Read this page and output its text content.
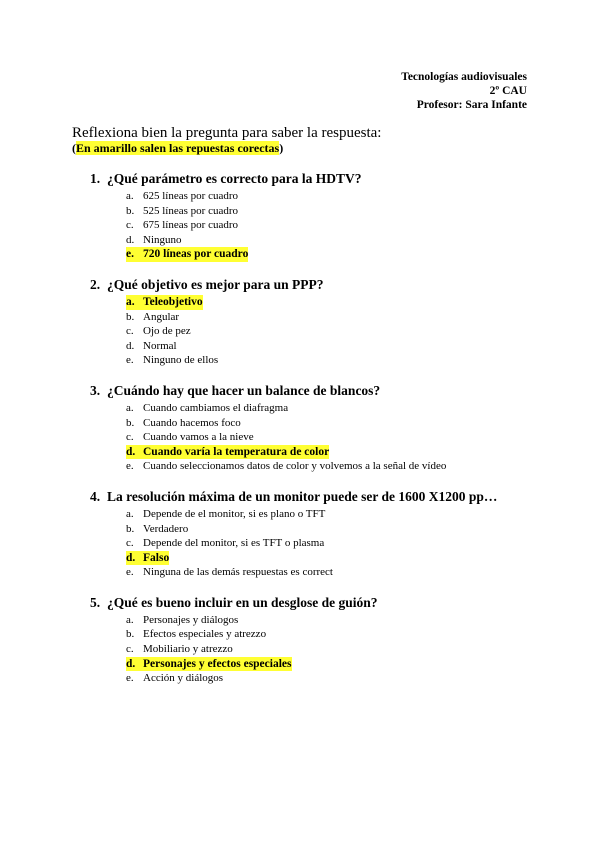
Tecnologías audiovisuales
2º CAU
Profesor: Sara Infante
Reflexiona bien la pregunta para saber la respuesta:
(En amarillo salen las repuestas corectas)
1. ¿Qué parámetro es correcto para la HDTV?
a. 625 líneas por cuadro
b. 525 líneas por cuadro
c. 675 líneas por cuadro
d. Ninguno
e. 720 líneas por cuadro
2. ¿Qué objetivo es mejor para un PPP?
a. Teleobjetivo
b. Angular
c. Ojo de pez
d. Normal
e. Ninguno de ellos
3. ¿Cuándo hay que hacer un balance de blancos?
a. Cuando cambiamos el diafragma
b. Cuando hacemos foco
c. Cuando vamos a la nieve
d. Cuando varía la temperatura de color
e. Cuando seleccionamos datos de color y volvemos a la señal de vídeo
4. La resolución máxima de un monitor puede ser de 1600 X1200 pp…
a. Depende de el monitor, si es plano o TFT
b. Verdadero
c. Depende del monitor, si es TFT o plasma
d. Falso
e. Ninguna de las demás respuestas es correct
5. ¿Qué es bueno incluir en un desglose de guión?
a. Personajes y diálogos
b. Efectos especiales y atrezzo
c. Mobiliario y atrezzo
d. Personajes y efectos especiales
e. Acción y diálogos
